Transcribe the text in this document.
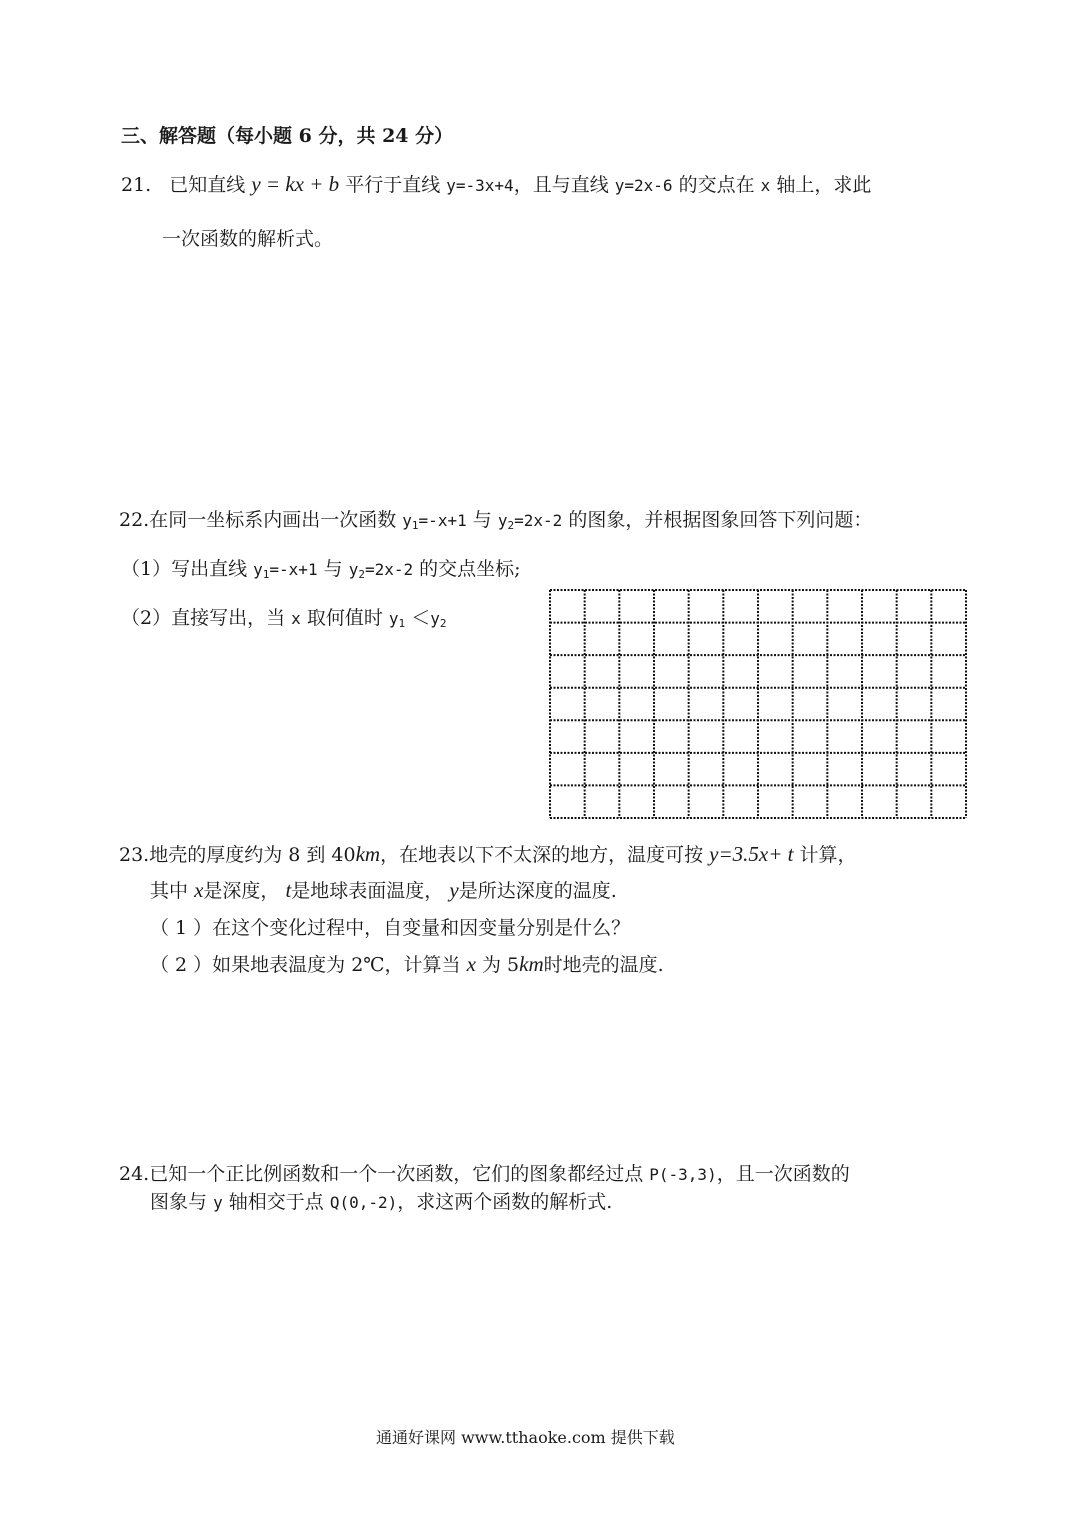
三、解答题（每小题 6 分，共 24 分）
21. 已知直线 y = kx + b 平行于直线 y=-3x+4，且与直线 y=2x-6 的交点在 x 轴上，求此
一次函数的解析式。
22.在同一坐标系内画出一次函数 $y_1=-x+1$ 与 $y_2=2x-2$ 的图象，并根据图象回答下列问题：
（1）写出直线 $y_1=-x+1$ 与 $y_2=2x-2$ 的交点坐标;
（2）直接写出，当 x 取何值时 $y_1 <y_2$
23.地壳的厚度约为 8 到 40km，在地表以下不太深的地方，温度可按 y=3.5x+ t 计算，
其中 x是深度， t是地球表面温度， y是所达深度的温度.
（ 1 ）在这个变化过程中，自变量和因变量分别是什么？
（ 2 ）如果地表温度为 2℃，计算当 x 为 5km时地壳的温度.
24.已知一个正比例函数和一个一次函数，它们的图象都经过点 P(-3,3)，且一次函数的
图象与 y 轴相交于点 Q(0,-2)，求这两个函数的解析式.
通通好课网 www.tthaoke.com 提供下载
